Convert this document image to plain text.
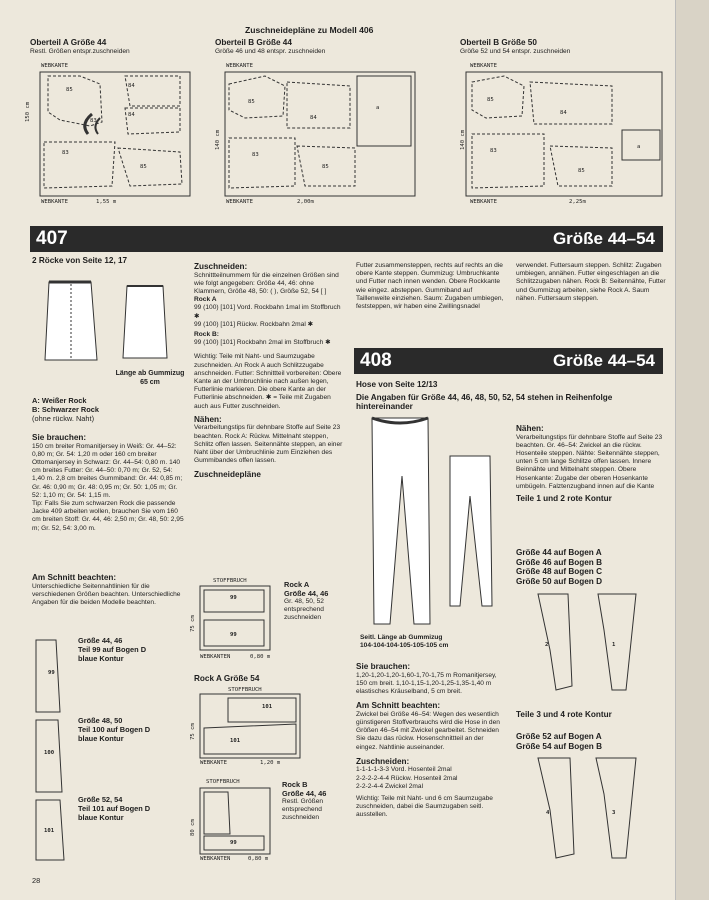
Zuschneidepläne zu Modell 406
Oberteil A Größe 44
Restl. Größen entspr.zuschneiden
Oberteil B Größe 44
Größe 46 und 48 entspr. zuschneiden
Oberteil B Größe 50
Größe 52 und 54 entspr. zuschneiden
WEBKANTE
WEBKANTE	1,55 m
150 cm
85
84
84
83
85
83
WEBKANTE
WEBKANTE	2,00m
140 cm
85
84
83
85
a
WEBKANTE
WEBKANTE	2,25m
140 cm
85
84
83
85
a
407	Größe 44–54
2 Röcke von Seite 12, 17
Länge ab Gummizug 65 cm
A: Weißer Rock
B: Schwarzer Rock
(ohne rückw. Naht)
Sie brauchen:
150 cm breiter Romanitjersey in Weiß: Gr. 44–52: 0,80 m; Gr. 54: 1,20 m oder 160 cm breiter Ottomanjersey in Schwarz: Gr. 44–54: 0,80 m. 140 cm breites Futter: Gr. 44–50: 0,70 m; Gr. 52, 54: 1,40 m. 2,8 cm breites Gummiband: Gr. 44: 0,85 m; Gr. 46: 0,90 m; Gr. 48: 0,95 m; Gr. 50: 1,05 m; Gr. 52: 1,10 m; Gr. 54: 1,15 m.
Tip: Falls Sie zum schwarzen Rock die passende Jacke 409 arbeiten wollen, brauchen Sie vom 160 cm breiten Stoff: Gr. 44, 46: 2,50 m; Gr. 48, 50: 2,95 m; Gr. 52, 54: 3,00 m.
Am Schnitt beachten:
Unterschiedliche Seitennahtlinien für die verschiedenen Größen beachten. Unterschiedliche Angaben für die beiden Modelle beachten.
99
100
101
Größe 44, 46
Teil 99 auf Bogen D
blaue Kontur
Größe 48, 50
Teil 100 auf Bogen D
blaue Kontur
Größe 52, 54
Teil 101 auf Bogen D
blaue Kontur
Zuschneiden:
Schnittteilnummern für die einzelnen Größen sind wie folgt angegeben: Größe 44, 46: ohne Klammern, Größe 48, 50: ( ), Größe 52, 54 [ ]
Rock A
99 (100) [101] Vord. Rockbahn 1mal im Stoffbruch ✱
99 (100) [101] Rückw. Rockbahn 2mal ✱
Rock B:
99 (100) [101] Rockbahn 2mal im Stoffbruch ✱
Wichtig: Teile mit Naht- und Saumzugabe zuschneiden. An Rock A auch Schlitzzugabe anschneiden. Futter: Schnittteil vorbereiten: Obere Kante an der Umbruchlinie nach außen legen, Futterlinie markieren. Die obere Kante an der Futterlinie abschneiden. ✱ = Teile mit Zugaben auch aus Futter zuschneiden.
Nähen:
Verarbeitungstips für dehnbare Stoffe auf Seite 23 beachten. Rock A: Rückw. Mittelnaht steppen, Schlitz offen lassen. Seitennähte steppen, an einer Naht über der Umbruchlinie zum Einziehen des Gummibandes offen lassen.
Zuschneidepläne
STOFFBRUCH
99
99
WEBKANTEN	0,80 m
75 cm
Rock A
Größe 44, 46
Gr. 48, 50, 52 entsprechend zuschneiden
Rock A Größe 54
STOFFBRUCH
101
101
WEBKANTE	1,20 m
75 cm
STOFFBRUCH
99
WEBKANTEN	0,80 m
80 cm
Rock B
Größe 44, 46
Restl. Größen entsprechend zuschneiden
Futter zusammensteppen, rechts auf rechts an die obere Kante steppen. Gummizug: Umbruchkante und Futter nach innen wenden. Obere Rockkante wie eingez. absteppen. Gummiband auf Taillenweite einziehen. Saum: Zugaben umbiegen, feststeppen, wir haben eine Zwillingsnadel
verwendet. Futtersaum steppen. Schlitz: Zugaben umbiegen, annähen. Futter eingeschlagen an die Schlitzzugaben nähen. Rock B: Seitennähte, Futter und Gummizug arbeiten, siehe Rock A. Saum nähen. Futtersaum steppen.
408	Größe 44–54
Hose von Seite 12/13
Die Angaben für Größe 44, 46, 48, 50, 52, 54 stehen in Reihenfolge hintereinander
Seitl. Länge ab Gummizug
104-104-104-105-105-105 cm
Sie brauchen:
1,20-1,20-1,20-1,60-1,70-1,75 m Romanitjersey, 150 cm breit. 1,10-1,15-1,20-1,25-1,35-1,40 m elastisches Kräuselband, 5 cm breit.
Am Schnitt beachten:
Zwickel bei Größe 46–54: Wegen des wesentlich günstigeren Stoffverbrauchs wird die Hose in den Größen 46–54 mit Zwickel gearbeitet. Schneiden Sie dazu das rückw. Hosenschnittteil an der eingez. Nahtlinie auseinander.
Zuschneiden:
1-1-1-1-3-3 Vord. Hosenteil 2mal
2-2-2-2-4-4 Rückw. Hosenteil 2mal
2-2-2-4-4 Zwickel 2mal
Wichtig: Teile mit Naht- und 6 cm Saumzugabe zuschneiden, dabei die Saumzugaben seitl. ausstellen.
Nähen:
Verarbeitungstips für dehnbare Stoffe auf Seite 23 beachten. Gr. 46–54: Zwickel an die rückw. Hosenteile steppen. Nähte: Seitennähte steppen, unten 5 cm lange Schlitze offen lassen. Innere Beinnähte und Mittelnaht steppen. Obere Hosenkante: Zugabe der oberen Hosenkante umbügeln. Falztenzugband innen auf die Kante
Teile 1 und 2 rote Kontur
Größe 44 auf Bogen A
Größe 46 auf Bogen B
Größe 48 auf Bogen C
Größe 50 auf Bogen D
2	1
Teile 3 und 4 rote Kontur
Größe 52 auf Bogen A
Größe 54 auf Bogen B
4	3
28
